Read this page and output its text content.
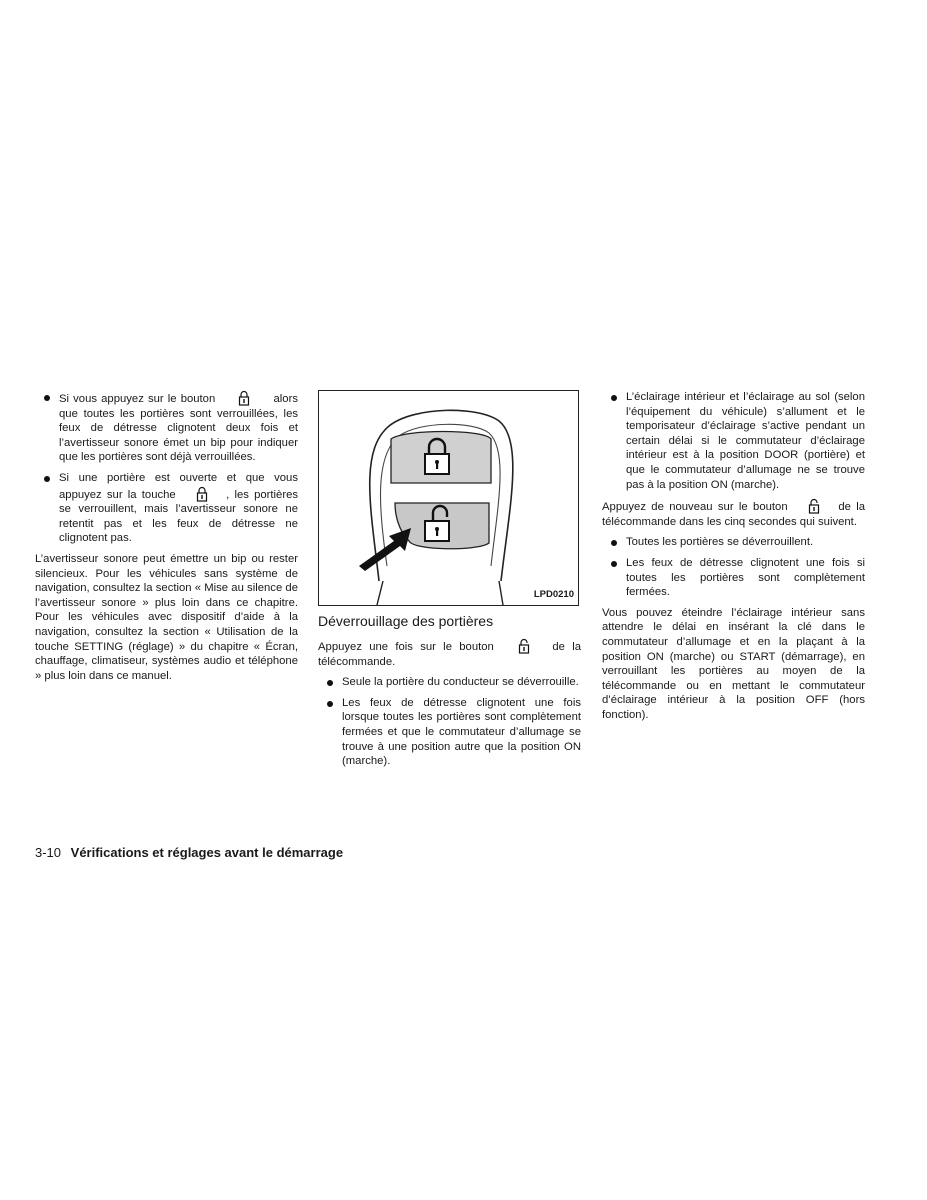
Si vous appuyez sur le bouton	alors que toutes les portières sont verrouillées, les feux de détresse clignotent deux fois et l’avertisseur sonore émet un bip pour indiquer que les portières sont déjà verrouillées.
Si une portière est ouverte et que vous appuyez sur la touche	, les portières se verrouillent, mais l’avertisseur sonore ne retentit pas et les feux de détresse ne clignotent pas.

L’avertisseur sonore peut émettre un bip ou rester silencieux. Pour les véhicules sans système de navigation, consultez la section « Mise au silence de l’avertisseur sonore » plus loin dans ce chapitre. Pour les véhicules avec dispositif d’aide à la navigation, consultez la section « Utilisation de la touche SETTING (réglage) » du chapitre « Écran, chauffage, climatiseur, systèmes audio et téléphone » plus loin dans ce manuel.

LPD0210
Déverrouillage des portières

Appuyez une fois sur le bouton	de la télécommande.

Seule la portière du conducteur se déverrouille.
Les feux de détresse clignotent une fois lorsque toutes les portières sont complètement fermées et que le commutateur d’allumage se trouve à une position autre que la position ON (marche).
L’éclairage intérieur et l’éclairage au sol (selon l’équipement du véhicule) s’allument et le temporisateur d’éclairage s’active pendant un certain délai si le commutateur d’éclairage intérieur est à la position DOOR (portière) et que le commutateur d’allumage ne se trouve pas à la position ON (marche).

Appuyez de nouveau sur le bouton	de la télécommande dans les cinq secondes qui suivent.

Toutes les portières se déverrouillent.
Les feux de détresse clignotent une fois si toutes les portières sont complètement fermées.

Vous pouvez éteindre l’éclairage intérieur sans attendre le délai en insérant la clé dans le commutateur d’allumage et en la plaçant à la position ON (marche) ou START (démarrage), en verrouillant les portières au moyen de la télécommande ou en mettant le commutateur d’éclairage intérieur à la position OFF (hors fonction).

3-10 Vérifications et réglages avant le démarrage
